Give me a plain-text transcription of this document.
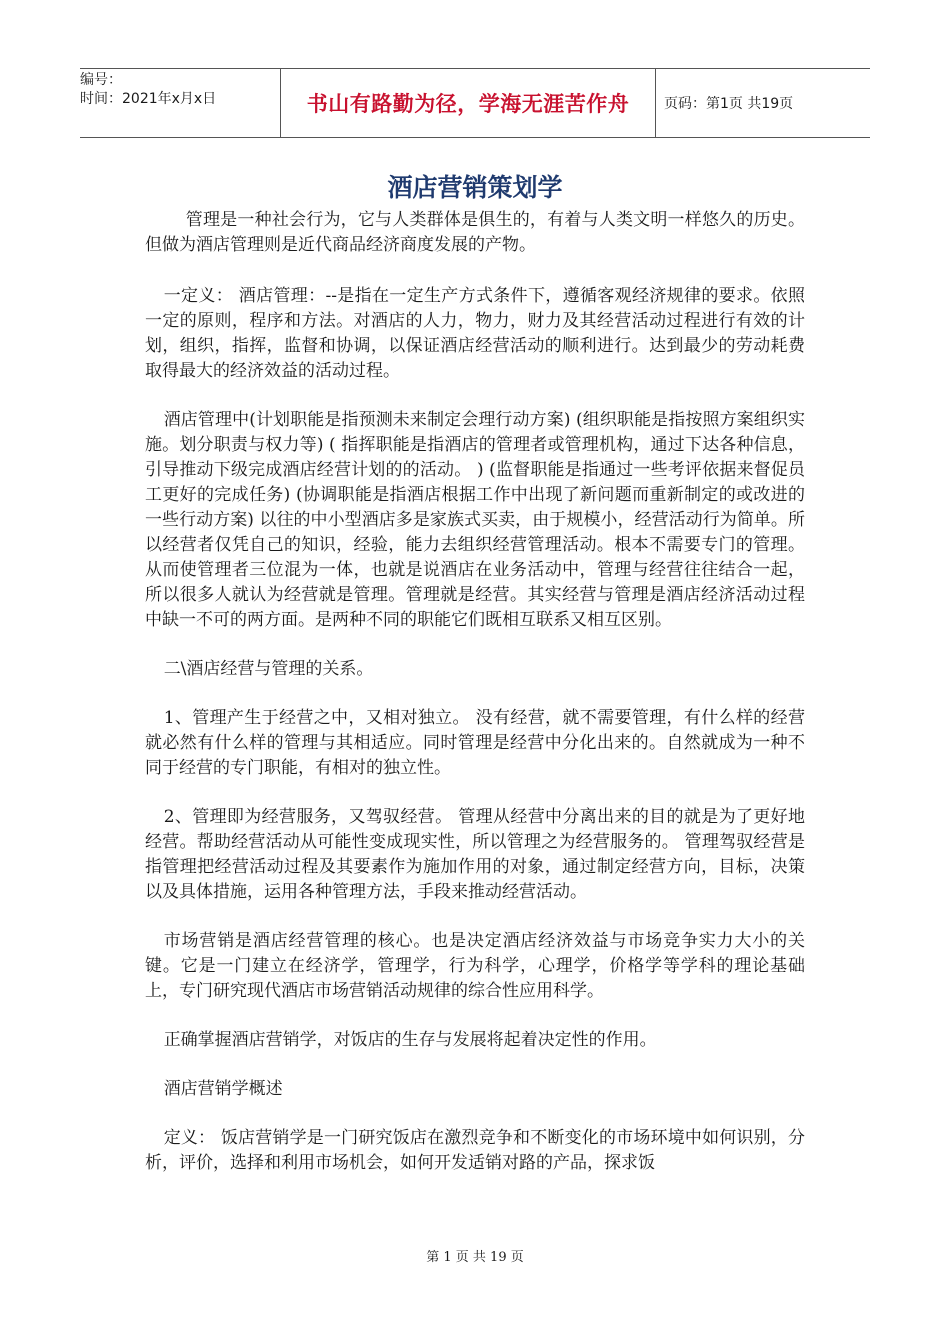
编号：
时间：2021年x月x日	书山有路勤为径，学海无涯苦作舟 页码：第1页 共19页
酒店营销策划学

管理是一种社会行为，它与人类群体是俱生的，有着与人类文明一样悠久的历史。但做为酒店管理则是近代商品经济商度发展的产物。

一定义： 酒店管理：--是指在一定生产方式条件下，遵循客观经济规律的要求。依照一定的原则，程序和方法。对酒店的人力，物力，财力及其经营活动过程进行有效的计划，组织，指挥，监督和协调，以保证酒店经营活动的顺利进行。达到最少的劳动耗费取得最大的经济效益的活动过程。

酒店管理中(计划职能是指预测未来制定会理行动方案) (组织职能是指按照方案组织实施。划分职责与权力等) ( 指挥职能是指酒店的管理者或管理机构，通过下达各种信息，引导推动下级完成酒店经营计划的的活动。 ) (监督职能是指通过一些考评依据来督促员工更好的完成任务) (协调职能是指酒店根据工作中出现了新问题而重新制定的或改进的一些行动方案) 以往的中小型酒店多是家族式买卖，由于规模小，经营活动行为简单。所以经营者仅凭自己的知识，经验，能力去组织经营管理活动。根本不需要专门的管理。从而使管理者三位混为一体，也就是说酒店在业务活动中，管理与经营往往结合一起，所以很多人就认为经营就是管理。管理就是经营。其实经营与管理是酒店经济活动过程中缺一不可的两方面。是两种不同的职能它们既相互联系又相互区别。

二\酒店经营与管理的关系。

1、管理产生于经营之中，又相对独立。 没有经营，就不需要管理，有什么样的经营就必然有什么样的管理与其相适应。同时管理是经营中分化出来的。自然就成为一种不同于经营的专门职能，有相对的独立性。

2、管理即为经营服务，又驾驭经营。 管理从经营中分离出来的目的就是为了更好地经营。帮助经营活动从可能性变成现实性，所以管理之为经营服务的。 管理驾驭经营是指管理把经营活动过程及其要素作为施加作用的对象，通过制定经营方向，目标，决策以及具体措施，运用各种管理方法，手段来推动经营活动。

市场营销是酒店经营管理的核心。也是决定酒店经济效益与市场竞争实力大小的关键。它是一门建立在经济学，管理学，行为科学，心理学，价格学等学科的理论基础上，专门研究现代酒店市场营销活动规律的综合性应用科学。

正确掌握酒店营销学，对饭店的生存与发展将起着决定性的作用。

酒店营销学概述

定义： 饭店营销学是一门研究饭店在激烈竞争和不断变化的市场环境中如何识别，分析，评价，选择和利用市场机会，如何开发适销对路的产品，探求饭

第 1 页 共 19 页
